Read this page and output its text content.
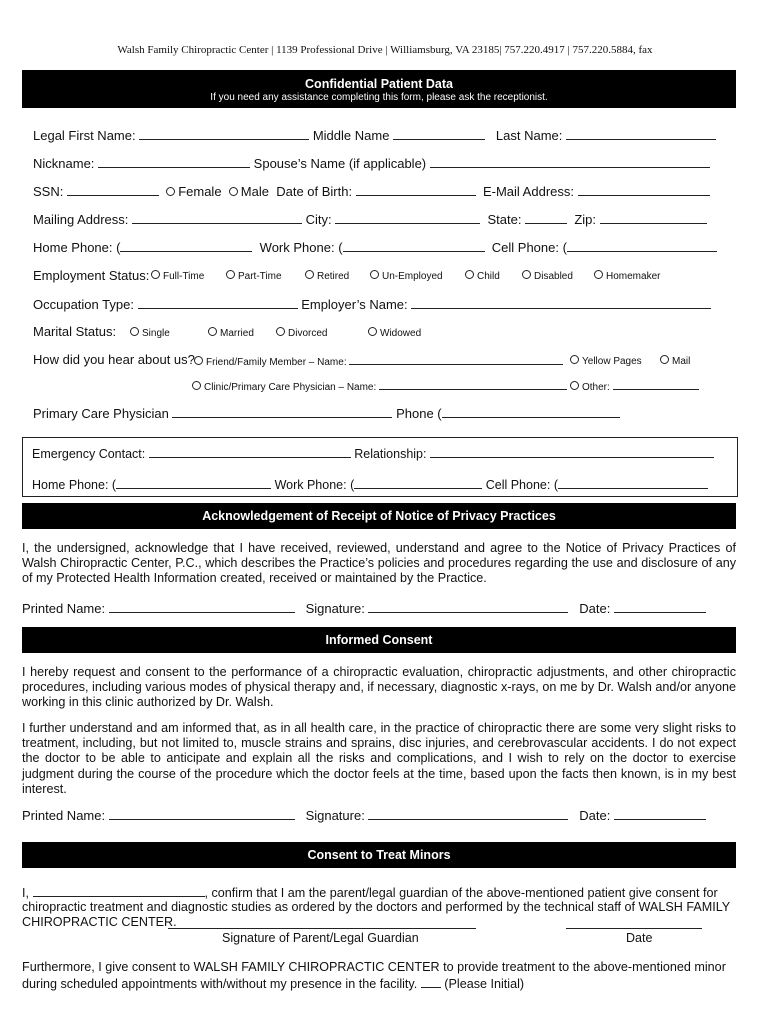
Walsh Family Chiropractic Center | 1139 Professional Drive | Williamsburg, VA 23185| 757.220.4917 | 757.220.5884, fax
Confidential Patient Data
If you need any assistance completing this form, please ask the receptionist.
Legal First Name:	Middle Name	Last Name:
Nickname:	Spouse’s Name (if applicable)
SSN:	Female Male Date of Birth:	E-Mail Address:
Mailing Address:	City:	State:	Zip:
Home Phone: (	Work Phone: (	Cell Phone: (
Employment Status:	Full-Time	Part-Time	Retired	Un-Employed	Child	Disabled	Homemaker
Occupation Type:	Employer’s Name:
Marital Status:	Single	Married	Divorced	Widowed
How did you hear about us?	Friend/Family Member – Name:	Yellow Pages	Mail
Clinic/Primary Care Physician – Name:	Other:
Primary Care Physician	Phone (
Emergency Contact:	Relationship:
Home Phone: (	Work Phone: (	Cell Phone: (
Acknowledgement of Receipt of Notice of Privacy Practices
I, the undersigned, acknowledge that I have received, reviewed, understand and agree to the Notice of Privacy Practices of Walsh Chiropractic Center, P.C., which describes the Practice’s policies and procedures regarding the use and disclosure of any of my Protected Health Information created, received or maintained by the Practice.
Printed Name:	Signature:	Date:
Informed Consent
I hereby request and consent to the performance of a chiropractic evaluation, chiropractic adjustments, and other chiropractic procedures, including various modes of physical therapy and, if necessary, diagnostic x-rays, on me by Dr. Walsh and/or anyone working in this clinic authorized by Dr. Walsh.
I further understand and am informed that, as in all health care, in the practice of chiropractic there are some very slight risks to treatment, including, but not limited to, muscle strains and sprains, disc injuries, and cerebrovascular accidents. I do not expect the doctor to be able to anticipate and explain all the risks and complications, and I wish to rely on the doctor to exercise judgment during the course of the procedure which the doctor feels at the time, based upon the facts then known, is in my best interest.
Printed Name:	Signature:	Date:
Consent to Treat Minors
I,	, confirm that I am the parent/legal guardian of the above-mentioned patient give consent for
chiropractic treatment and diagnostic studies as ordered by the doctors and performed by the technical staff of WALSH FAMILY
CHIROPRACTIC CENTER.
Signature of Parent/Legal Guardian	Date
Furthermore, I give consent to WALSH FAMILY CHIROPRACTIC CENTER to provide treatment to the above-mentioned minor
during scheduled appointments with/without my presence in the facility. (Please Initial)
